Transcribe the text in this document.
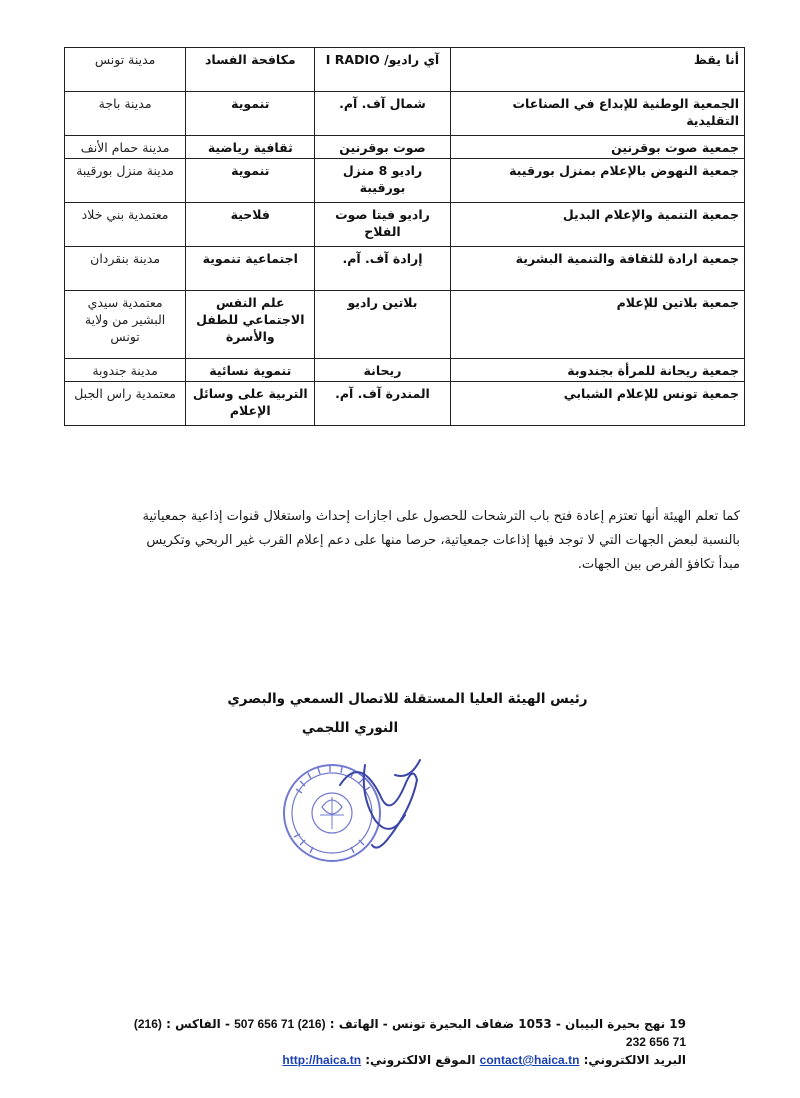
أنا يقظ	آي راديو/ I RADIO	مكافحة الفساد	مدينة تونس
الجمعية الوطنية للإبداع في الصناعات التقليدية	شمال آف. آم.	تنموية	مدينة باجة
جمعية صوت بوقرنين	صوت بوقرنين	ثقافية رياضية	مدينة حمام الأنف
جمعية النهوض بالإعلام بمنزل بورقيبة	راديو 8 منزل بورقيبة	تنموية	مدينة منزل بورقيبة
جمعية التنمية والإعلام البديل	راديو فيتا صوت الفلاح	فلاحية	معتمدية بني خلاد
جمعية ارادة للثقافة والتنمية البشرية	إرادة آف. آم.	اجتماعية تنموية	مدينة بنقردان
جمعية بلاتين للإعلام	بلاتين راديو	علم النفس الاجتماعي للطفل والأسرة	معتمدية سيدي البشير من ولاية تونس
جمعية ريحانة للمرأة بجندوبة	ريحانة	تنموية نسائية	مدينة جندوبة
جمعية تونس للإعلام الشبابي	المندرة آف. آم.	التربية على وسائل الإعلام	معتمدية راس الجبل
كما تعلم الهيئة أنها تعتزم إعادة فتح باب الترشحات للحصول على اجازات إحداث واستغلال قنوات إذاعية جمعياتية
بالنسبة لبعض الجهات التي لا توجد فيها إذاعات جمعياتية، حرصا منها على دعم إعلام القرب غير الربحي وتكريس
مبدأ تكافؤ الفرص بين الجهات.
رئيس الهيئة العليا المستقلة للاتصال السمعي والبصري
النوري اللجمي
19 نهج بحيرة البيبان - 1053 ضفاف البحيرة تونس - الهاتف : (216) 71 656 507 - الفاكس : (216) 71 656 232
البريد الالكتروني: contact@haica.tn الموقع الالكتروني: http://haica.tn
